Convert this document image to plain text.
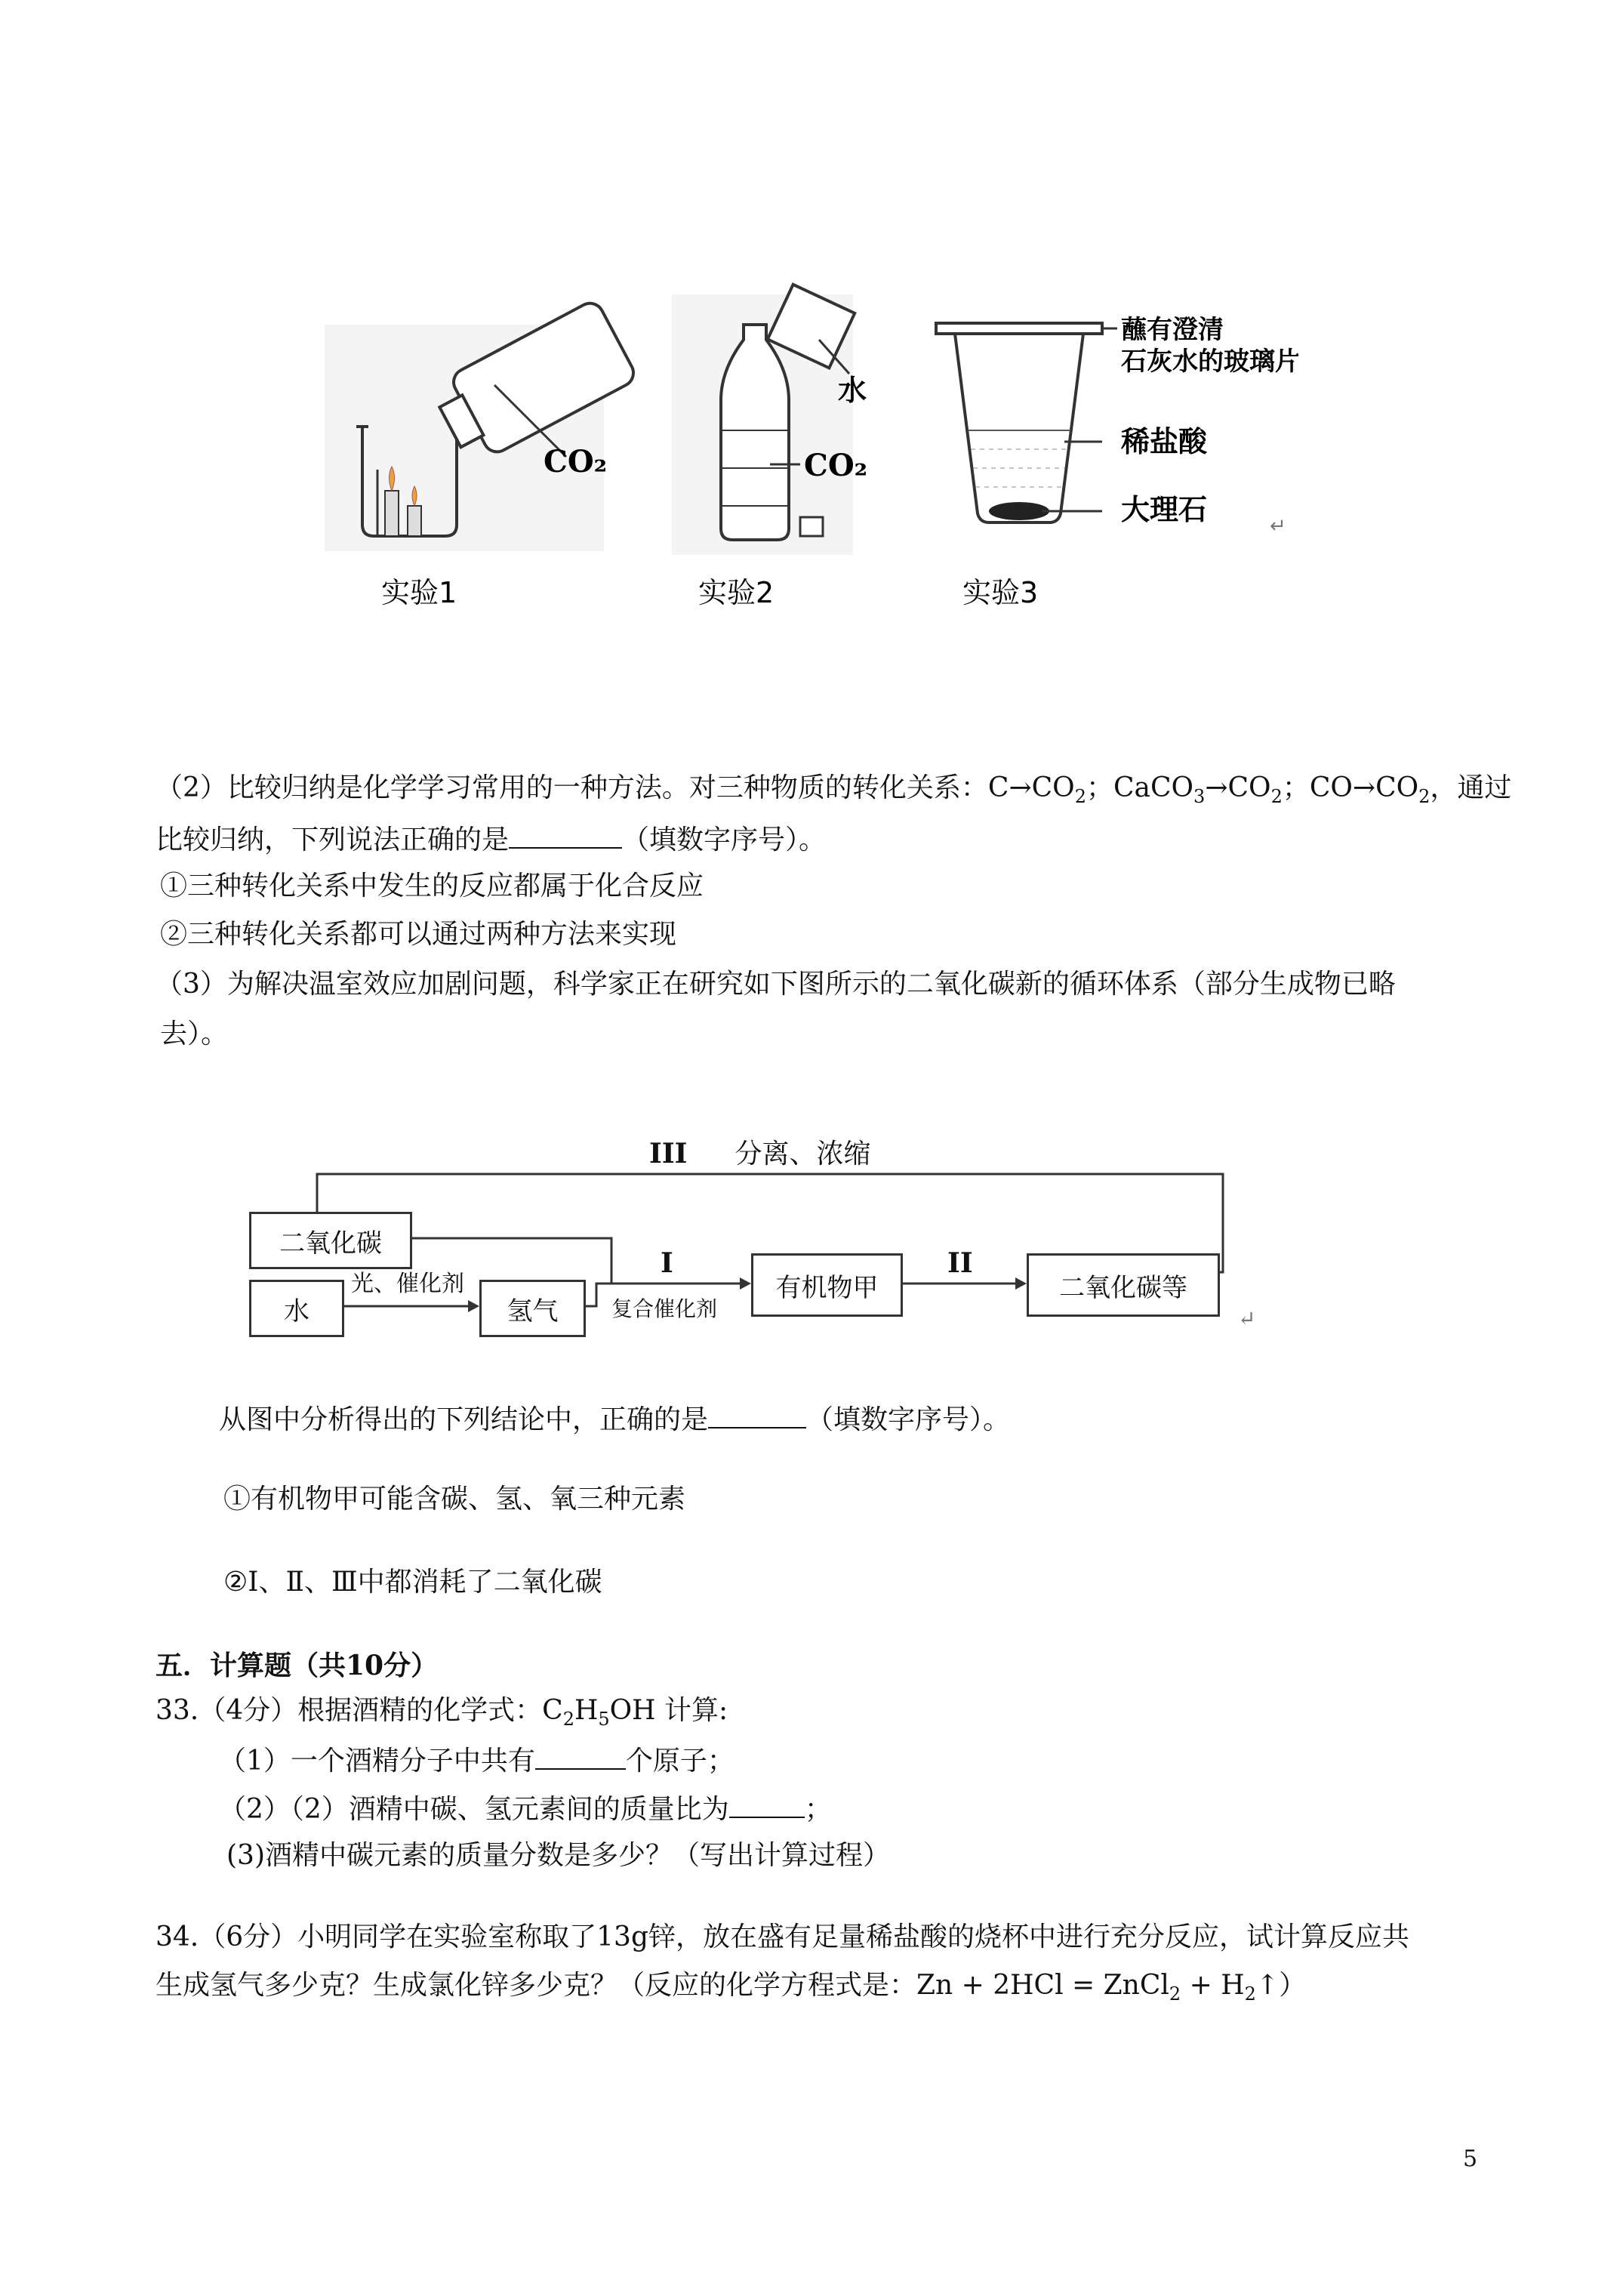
CO₂
水
CO₂
蘸有澄清
石灰水的玻璃片
稀盐酸
大理石	↵
实验1	实验2	实验3
（2）比较归纳是化学学习常用的一种方法。对三种物质的转化关系：$C\to CO_2$；$CaCO_3\to CO_2$；$CO\to CO_2$，通过
比较归纳，下列说法正确的是	（填数字序号）。
①三种转化关系中发生的反应都属于化合反应
②三种转化关系都可以通过两种方法来实现
（3）为解决温室效应加剧问题，科学家正在研究如下图所示的二氧化碳新的循环体系（部分生成物已略
去）。
III 分离、浓缩
二氧化碳
水
光、催化剂
氢气
I
复合催化剂
有机物甲
II
二氧化碳等
↵
从图中分析得出的下列结论中，正确的是	（填数字序号）。
①有机物甲可能含碳、氢、氧三种元素
②Ⅰ、Ⅱ、Ⅲ中都消耗了二氧化碳
五．计算题（共10分）
33.（4分）根据酒精的化学式：$C_2H_5OH$ 计算:
（1）一个酒精分子中共有	个原子；
（2）（2）酒精中碳、氢元素间的质量比为	；
(3)酒精中碳元素的质量分数是多少？（写出计算过程）
34.（6分）小明同学在实验室称取了13g锌，放在盛有足量稀盐酸的烧杯中进行充分反应，试计算反应共
生成氢气多少克？生成氯化锌多少克？（反应的化学方程式是：Zn + 2HCl = ZnCl$_2$ + $H_2↑$）
5
